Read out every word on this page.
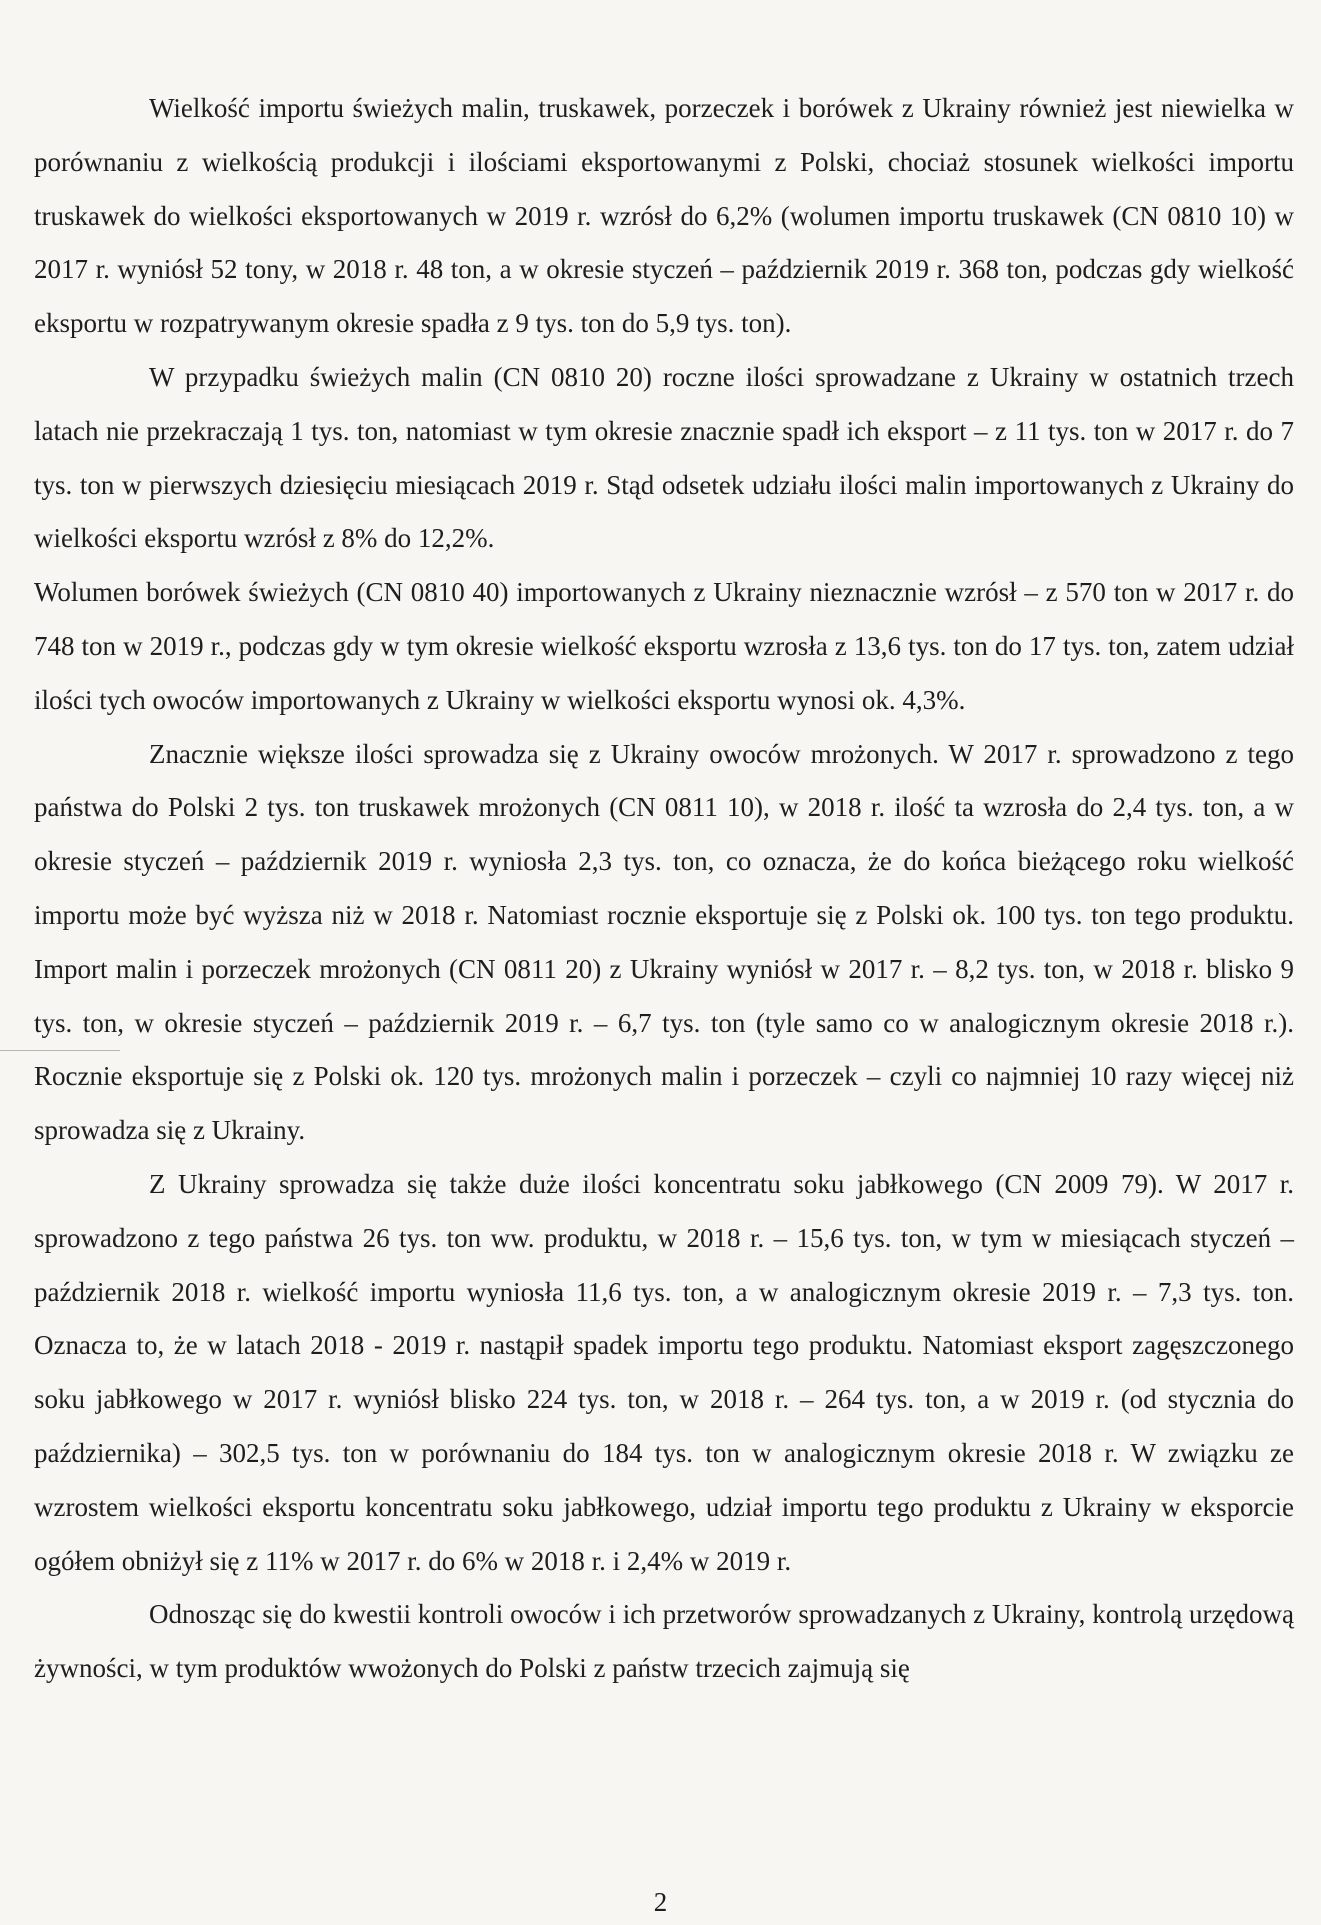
Wielkość importu świeżych malin, truskawek, porzeczek i borówek z Ukrainy również jest niewielka w porównaniu z wielkością produkcji i ilościami eksportowanymi z Polski, chociaż stosunek wielkości importu truskawek do wielkości eksportowanych w 2019 r. wzrósł do 6,2% (wolumen importu truskawek (CN 0810 10) w 2017 r. wyniósł 52 tony, w 2018 r. 48 ton, a w okresie styczeń – październik 2019 r. 368 ton, podczas gdy wielkość eksportu w rozpatrywanym okresie spadła z 9 tys. ton do 5,9 tys. ton).

W przypadku świeżych malin (CN 0810 20) roczne ilości sprowadzane z Ukrainy w ostatnich trzech latach nie przekraczają 1 tys. ton, natomiast w tym okresie znacznie spadł ich eksport – z 11 tys. ton w 2017 r. do 7 tys. ton w pierwszych dziesięciu miesiącach 2019 r. Stąd odsetek udziału ilości malin importowanych z Ukrainy do wielkości eksportu wzrósł z 8% do 12,2%.

Wolumen borówek świeżych (CN 0810 40) importowanych z Ukrainy nieznacznie wzrósł – z 570 ton w 2017 r. do 748 ton w 2019 r., podczas gdy w tym okresie wielkość eksportu wzrosła z 13,6 tys. ton do 17 tys. ton, zatem udział ilości tych owoców importowanych z Ukrainy w wielkości eksportu wynosi ok. 4,3%.

Znacznie większe ilości sprowadza się z Ukrainy owoców mrożonych. W 2017 r. sprowadzono z tego państwa do Polski 2 tys. ton truskawek mrożonych (CN 0811 10), w 2018 r. ilość ta wzrosła do 2,4 tys. ton, a w okresie styczeń – październik 2019 r. wyniosła 2,3 tys. ton, co oznacza, że do końca bieżącego roku wielkość importu może być wyższa niż w 2018 r. Natomiast rocznie eksportuje się z Polski ok. 100 tys. ton tego produktu. Import malin i porzeczek mrożonych (CN 0811 20) z Ukrainy wyniósł w 2017 r. – 8,2 tys. ton, w 2018 r. blisko 9 tys. ton, w okresie styczeń – październik 2019 r. – 6,7 tys. ton (tyle samo co w analogicznym okresie 2018 r.). Rocznie eksportuje się z Polski ok. 120 tys. mrożonych malin i porzeczek – czyli co najmniej 10 razy więcej niż sprowadza się z Ukrainy.

Z Ukrainy sprowadza się także duże ilości koncentratu soku jabłkowego (CN 2009 79). W 2017 r. sprowadzono z tego państwa 26 tys. ton ww. produktu, w 2018 r. – 15,6 tys. ton, w tym w miesiącach styczeń – październik 2018 r. wielkość importu wyniosła 11,6 tys. ton, a w analogicznym okresie 2019 r. – 7,3 tys. ton. Oznacza to, że w latach 2018 - 2019 r. nastąpił spadek importu tego produktu. Natomiast eksport zagęszczonego soku jabłkowego w 2017 r. wyniósł blisko 224 tys. ton, w 2018 r. – 264 tys. ton, a w 2019 r. (od stycznia do października) – 302,5 tys. ton w porównaniu do 184 tys. ton w analogicznym okresie 2018 r. W związku ze wzrostem wielkości eksportu koncentratu soku jabłkowego, udział importu tego produktu z Ukrainy w eksporcie ogółem obniżył się z 11% w 2017 r. do 6% w 2018 r. i 2,4% w 2019 r.

Odnosząc się do kwestii kontroli owoców i ich przetworów sprowadzanych z Ukrainy, kontrolą urzędową żywności, w tym produktów wwożonych do Polski z państw trzecich zajmują się

2
